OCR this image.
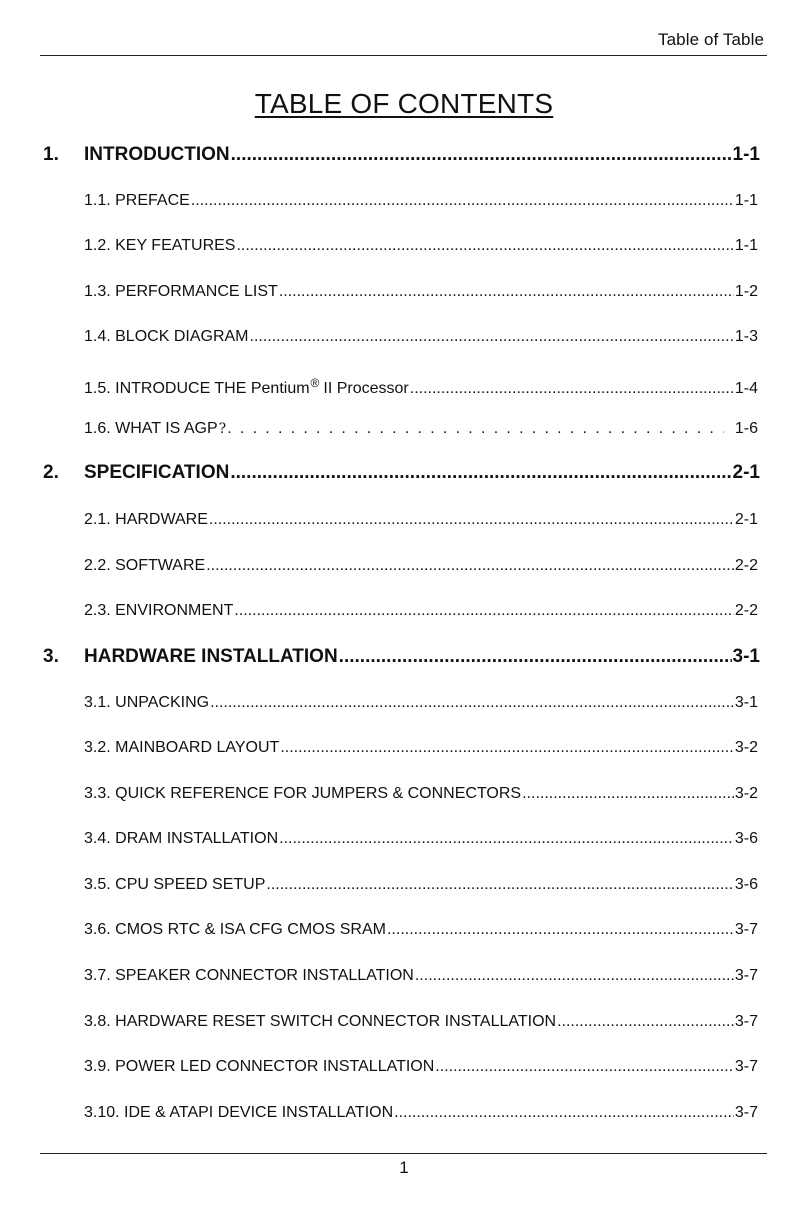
Table of Table
TABLE OF CONTENTS
1. INTRODUCTION .....	1-1
1.1. PREFACE .....	1-1
1.2. KEY FEATURES .....	1-1
1.3. PERFORMANCE LIST .....	1-2
1.4. BLOCK DIAGRAM .....	1-3
1.5. INTRODUCE THE Pentium® II Processor .....	1-4
1.6. WHAT IS AGP? . . .	1-6
2. SPECIFICATION .....	2-1
2.1. HARDWARE .....	2-1
2.2. SOFTWARE .....	2-2
2.3. ENVIRONMENT .....	2-2
3. HARDWARE INSTALLATION .....	3-1
3.1. UNPACKING .....	3-1
3.2. MAINBOARD LAYOUT .....	3-2
3.3. QUICK REFERENCE FOR JUMPERS & CONNECTORS .....	3-2
3.4. DRAM INSTALLATION .....	3-6
3.5. CPU SPEED SETUP .....	3-6
3.6. CMOS RTC & ISA CFG CMOS SRAM .....	3-7
3.7. SPEAKER CONNECTOR INSTALLATION .....	3-7
3.8. HARDWARE RESET SWITCH CONNECTOR INSTALLATION .....	3-7
3.9. POWER LED CONNECTOR INSTALLATION .....	3-7
3.10. IDE & ATAPI DEVICE INSTALLATION .....	3-7
1
